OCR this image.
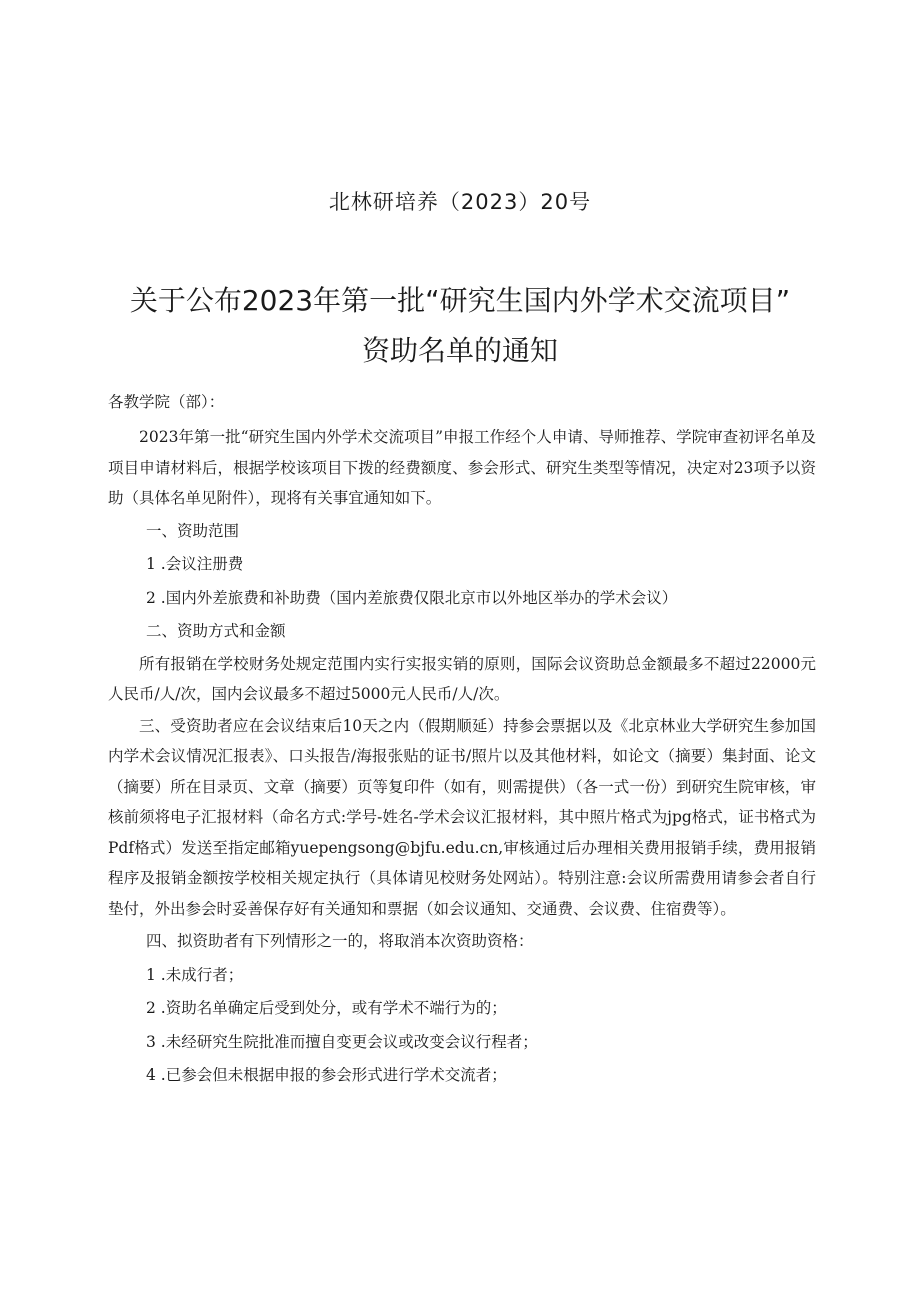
北林研培养（2023）20号
关于公布2023年第一批“研究生国内外学术交流项目”
资助名单的通知

各教学院（部）：

2023年第一批“研究生国内外学术交流项目”申报工作经个人申请、导师推荐、学院审查初评名单及项目申请材料后，根据学校该项目下拨的经费额度、参会形式、研究生类型等情况，决定对23项予以资助（具体名单见附件），现将有关事宜通知如下。

一、资助范围

1 .会议注册费

2 .国内外差旅费和补助费（国内差旅费仅限北京市以外地区举办的学术会议）

二、资助方式和金额

所有报销在学校财务处规定范围内实行实报实销的原则，国际会议资助总金额最多不超过22000元人民币/人/次，国内会议最多不超过5000元人民币/人/次。

三、受资助者应在会议结束后10天之内（假期顺延）持参会票据以及《北京林业大学研究生参加国内学术会议情况汇报表》、口头报告/海报张贴的证书/照片以及其他材料，如论文（摘要）集封面、论文（摘要）所在目录页、文章（摘要）页等复印件（如有，则需提供）（各一式一份）到研究生院审核，审核前须将电子汇报材料（命名方式:学号-姓名-学术会议汇报材料，其中照片格式为jpg格式，证书格式为Pdf格式）发送至指定邮箱yuepengsong@bjfu.edu.cn,审核通过后办理相关费用报销手续，费用报销程序及报销金额按学校相关规定执行（具体请见校财务处网站）。特别注意:会议所需费用请参会者自行垫付，外出参会时妥善保存好有关通知和票据（如会议通知、交通费、会议费、住宿费等）。

四、拟资助者有下列情形之一的，将取消本次资助资格：

1 .未成行者；

2 .资助名单确定后受到处分，或有学术不端行为的；

3 .未经研究生院批准而擅自变更会议或改变会议行程者；

4 .已参会但未根据申报的参会形式进行学术交流者；
